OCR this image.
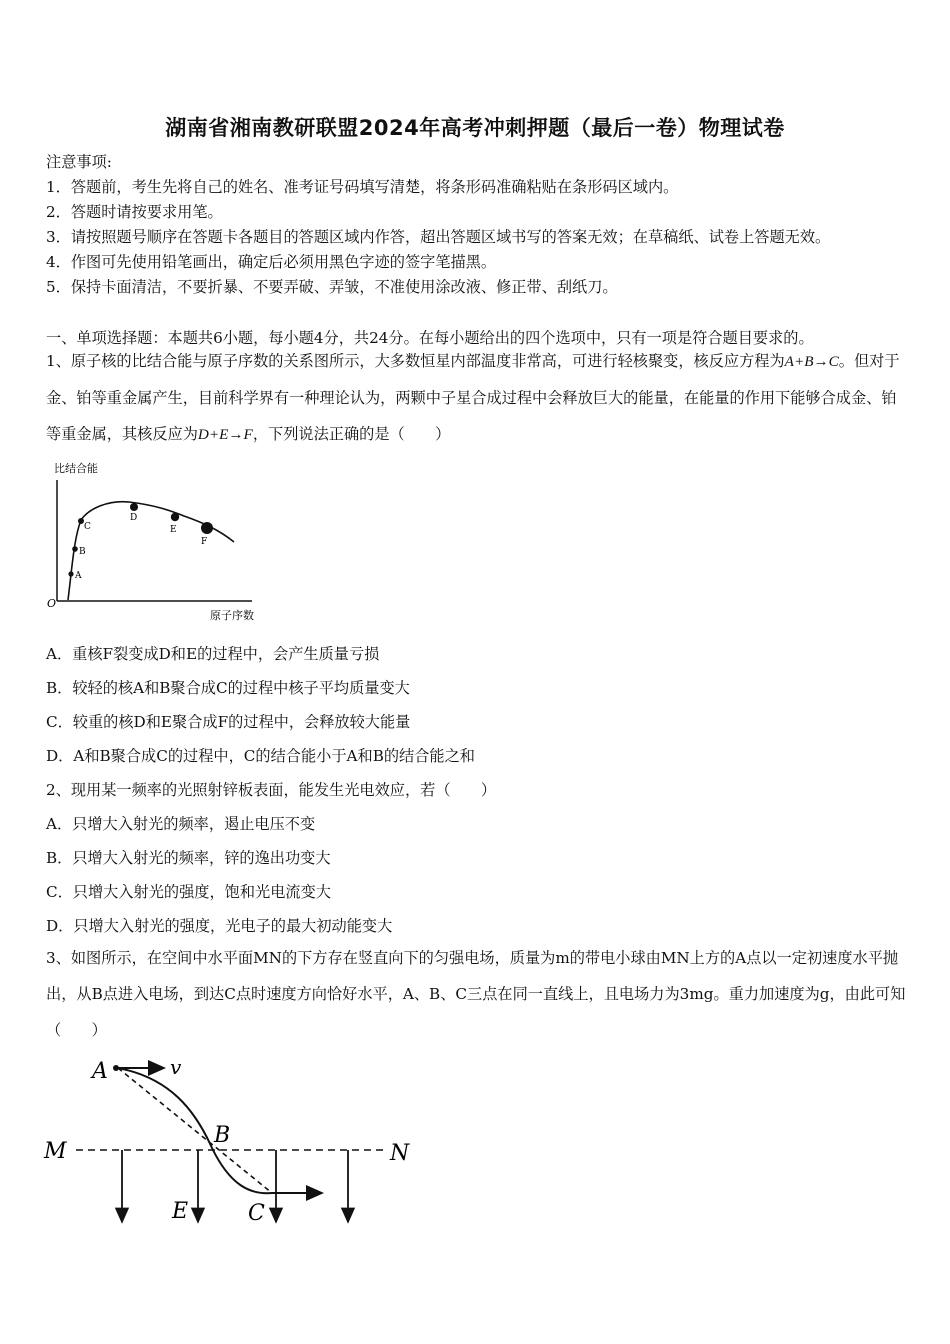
湖南省湘南教研联盟2024年高考冲刺押题（最后一卷）物理试卷
注意事项:
1．答题前，考生先将自己的姓名、准考证号码填写清楚，将条形码准确粘贴在条形码区域内。
2．答题时请按要求用笔。
3．请按照题号顺序在答题卡各题目的答题区域内作答，超出答题区域书写的答案无效；在草稿纸、试卷上答题无效。
4．作图可先使用铅笔画出，确定后必须用黑色字迹的签字笔描黑。
5．保持卡面清洁，不要折暴、不要弄破、弄皱，不准使用涂改液、修正带、刮纸刀。
一、单项选择题：本题共6小题，每小题4分，共24分。在每小题给出的四个选项中，只有一项是符合题目要求的。
1、原子核的比结合能与原子序数的关系图所示，大多数恒星内部温度非常高，可进行轻核聚变，核反应方程为A+B→C。但对于金、铂等重金属产生，目前科学界有一种理论认为，两颗中子星合成过程中会释放巨大的能量，在能量的作用下能够合成金、铂等重金属，其核反应为D+E→F，下列说法正确的是（　　）
比结合能
O
原子序数
A
B
C
D
E
F
A．重核F裂变成D和E的过程中，会产生质量亏损
B．较轻的核A和B聚合成C的过程中核子平均质量变大
C．较重的核D和E聚合成F的过程中，会释放较大能量
D．A和B聚合成C的过程中，C的结合能小于A和B的结合能之和
2、现用某一频率的光照射锌板表面，能发生光电效应，若（　　）
A．只增大入射光的频率，遏止电压不变
B．只增大入射光的频率，锌的逸出功变大
C．只增大入射光的强度，饱和光电流变大
D．只增大入射光的强度，光电子的最大初动能变大
3、如图所示，在空间中水平面MN的下方存在竖直向下的匀强电场，质量为m的带电小球由MN上方的A点以一定初速度水平抛出，从B点进入电场，到达C点时速度方向恰好水平，A、B、C三点在同一直线上，且电场力为3mg。重力加速度为g，由此可知（　　）
A	v
B
M	N
E	C
